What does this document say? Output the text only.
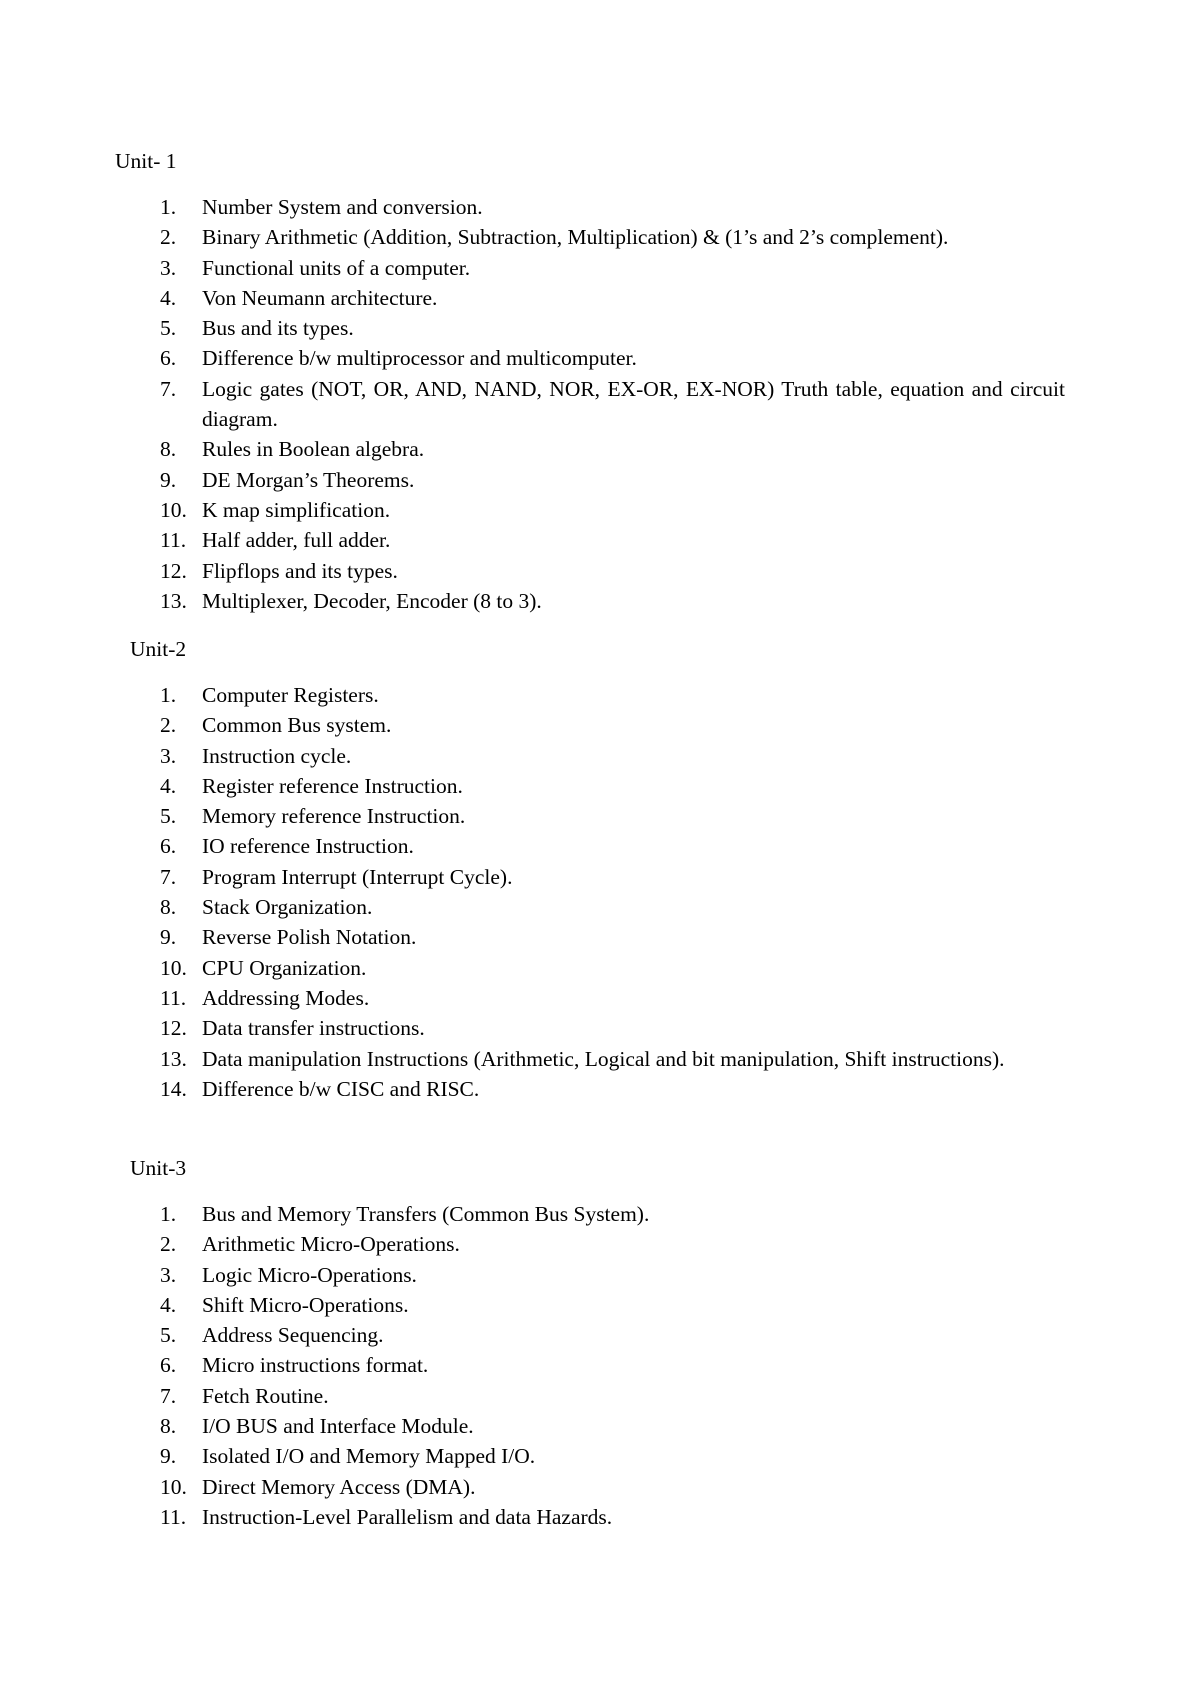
Unit- 1
1.	Number System and conversion.
2.	Binary Arithmetic (Addition, Subtraction, Multiplication) & (1’s and 2’s complement).
3.	Functional units of a computer.
4.	Von Neumann architecture.
5.	Bus and its types.
6.	Difference b/w multiprocessor and multicomputer.
7.	Logic gates (NOT, OR, AND, NAND, NOR, EX-OR, EX-NOR) Truth table, equation and circuit diagram.
8.	Rules in Boolean algebra.
9.	DE Morgan’s Theorems.
10. K map simplification.
11. Half adder, full adder.
12. Flipflops and its types.
13. Multiplexer, Decoder, Encoder (8 to 3).
Unit-2
1.	Computer Registers.
2.	Common Bus system.
3.	Instruction cycle.
4.	Register reference Instruction.
5.	Memory reference Instruction.
6.	IO reference Instruction.
7.	Program Interrupt (Interrupt Cycle).
8.	Stack Organization.
9.	Reverse Polish Notation.
10. CPU Organization.
11. Addressing Modes.
12. Data transfer instructions.
13. Data manipulation Instructions (Arithmetic, Logical and bit manipulation, Shift instructions).
14. Difference b/w CISC and RISC.
Unit-3
1.	Bus and Memory Transfers (Common Bus System).
2.	Arithmetic Micro-Operations.
3.	Logic Micro-Operations.
4.	Shift Micro-Operations.
5.	Address Sequencing.
6.	Micro instructions format.
7.	Fetch Routine.
8.	I/O BUS and Interface Module.
9.	Isolated I/O and Memory Mapped I/O.
10. Direct Memory Access (DMA).
11. Instruction-Level Parallelism and data Hazards.
